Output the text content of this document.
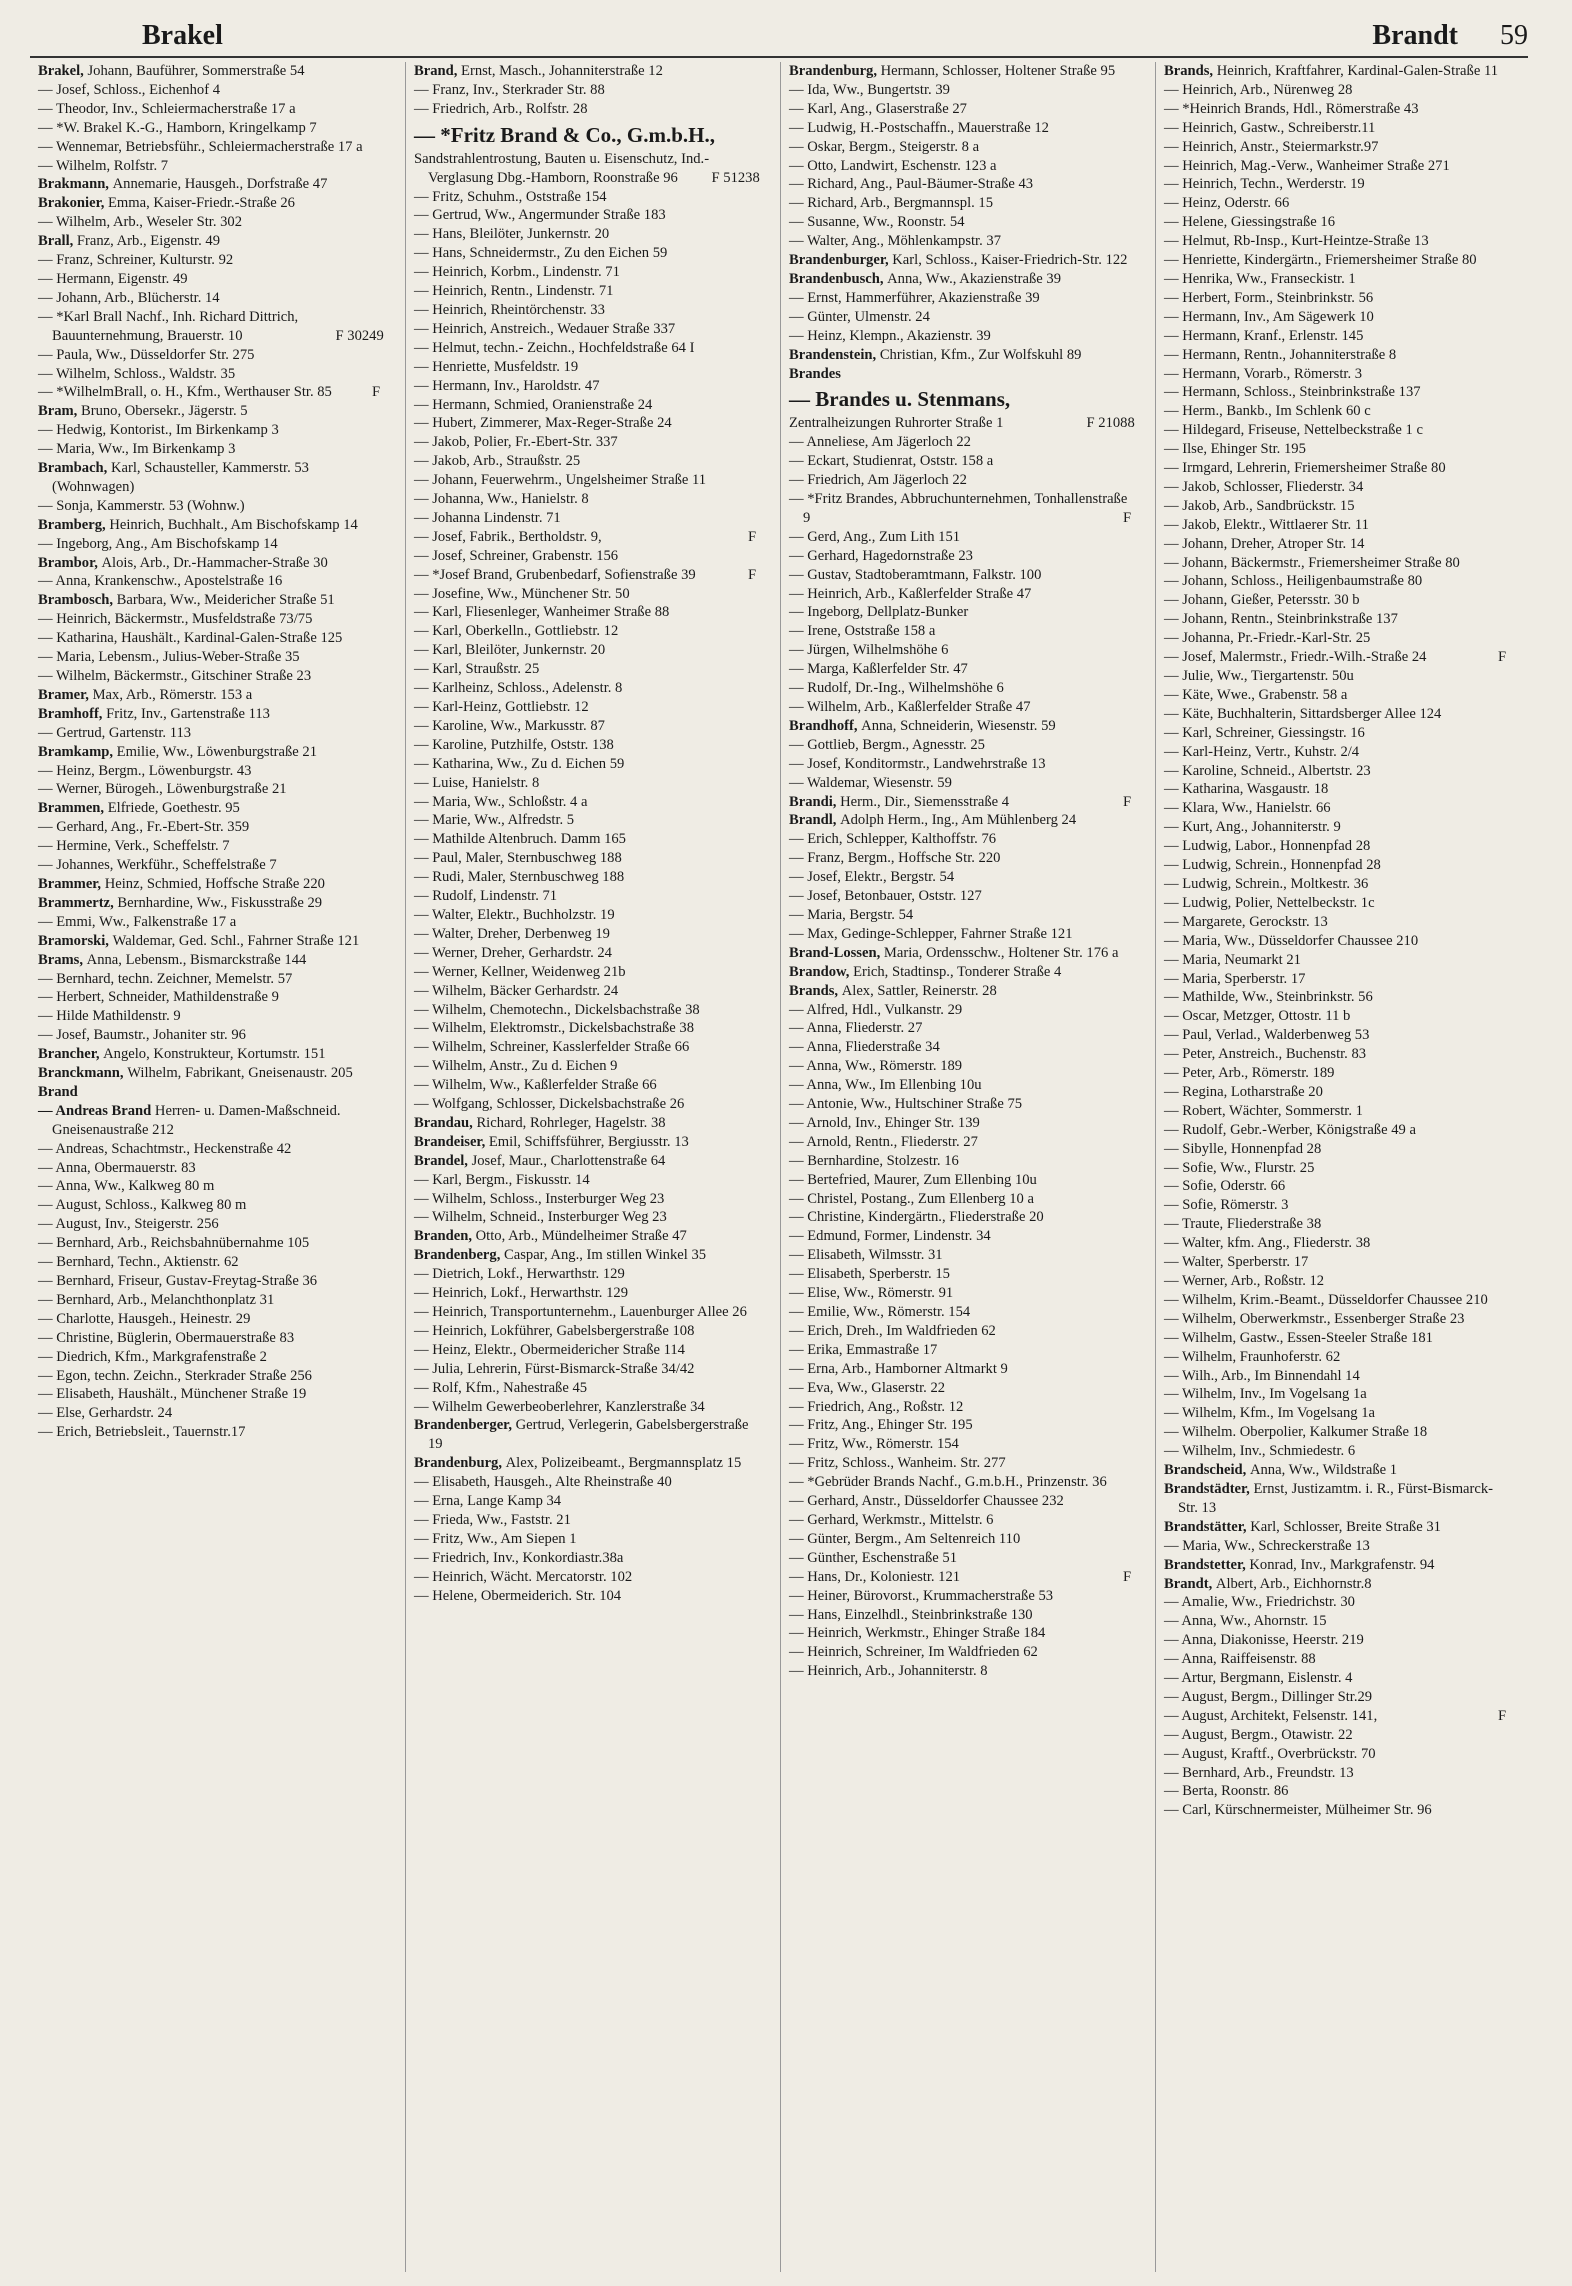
Brakel	Brandt 59

Brakel, Johann, Bauführer, Sommerstraße 54

— Josef, Schloss., Eichenhof 4

— Theodor, Inv., Schleiermacherstraße 17 a

— *W. Brakel K.-G., Hamborn, Kringelkamp 7

— Wennemar, Betriebsführ., Schleiermacherstraße 17 a

— Wilhelm, Rolfstr. 7

Brakmann, Annemarie, Hausgeh., Dorfstraße 47

Brakonier, Emma, Kaiser-Friedr.-Straße 26

— Wilhelm, Arb., Weseler Str. 302

Brall, Franz, Arb., Eigenstr. 49

— Franz, Schreiner, Kulturstr. 92

— Hermann, Eigenstr. 49

— Johann, Arb., Blücherstr. 14

— *Karl Brall Nachf., Inh. Richard Dittrich, Bauunternehmung, Brauerstr. 10	F 30249

— Paula, Ww., Düsseldorfer Str. 275

— Wilhelm, Schloss., Waldstr. 35

— *WilhelmBrall, o. H., Kfm., Werthauser Str. 85	F

Bram, Bruno, Obersekr., Jägerstr. 5

— Hedwig, Kontorist., Im Birkenkamp 3

— Maria, Ww., Im Birkenkamp 3

Brambach, Karl, Schausteller, Kammerstr. 53 (Wohnwagen)

— Sonja, Kammerstr. 53 (Wohnw.)

Bramberg, Heinrich, Buchhalt., Am Bischofskamp 14

— Ingeborg, Ang., Am Bischofskamp 14

Brambor, Alois, Arb., Dr.-Hammacher-Straße 30

— Anna, Krankenschw., Apostelstraße 16

Brambosch, Barbara, Ww., Meidericher Straße 51

— Heinrich, Bäckermstr., Musfeldstraße 73/75

— Katharina, Haushält., Kardinal-Galen-Straße 125

— Maria, Lebensm., Julius-Weber-Straße 35

— Wilhelm, Bäckermstr., Gitschiner Straße 23

Bramer, Max, Arb., Römerstr. 153 a

Bramhoff, Fritz, Inv., Gartenstraße 113

— Gertrud, Gartenstr. 113

Bramkamp, Emilie, Ww., Löwenburgstraße 21

— Heinz, Bergm., Löwenburgstr. 43

— Werner, Bürogeh., Löwenburgstraße 21

Brammen, Elfriede, Goethestr. 95

— Gerhard, Ang., Fr.-Ebert-Str. 359

— Hermine, Verk., Scheffelstr. 7

— Johannes, Werkführ., Scheffelstraße 7

Brammer, Heinz, Schmied, Hoffsche Straße 220

Brammertz, Bernhardine, Ww., Fiskusstraße 29

— Emmi, Ww., Falkenstraße 17 a

Bramorski, Waldemar, Ged. Schl., Fahrner Straße 121

Brams, Anna, Lebensm., Bismarckstraße 144

— Bernhard, techn. Zeichner, Memelstr. 57

— Herbert, Schneider, Mathildenstraße 9

— Hilde Mathildenstr. 9

— Josef, Baumstr., Johaniter str. 96

Brancher, Angelo, Konstrukteur, Kortumstr. 151

Branckmann, Wilhelm, Fabrikant, Gneisenaustr. 205

Brand

— Andreas Brand Herren- u. Damen-Maßschneid. Gneisenaustraße 212

— Andreas, Schachtmstr., Heckenstraße 42

— Anna, Obermauerstr. 83

— Anna, Ww., Kalkweg 80 m

— August, Schloss., Kalkweg 80 m

— August, Inv., Steigerstr. 256

— Bernhard, Arb., Reichsbahnübernahme 105

— Bernhard, Techn., Aktienstr. 62

— Bernhard, Friseur, Gustav-Freytag-Straße 36

— Bernhard, Arb., Melanchthonplatz 31

— Charlotte, Hausgeh., Heinestr. 29

— Christine, Büglerin, Obermauerstraße 83

— Diedrich, Kfm., Markgrafenstraße 2

— Egon, techn. Zeichn., Sterkrader Straße 256

— Elisabeth, Haushält., Münchener Straße 19

— Else, Gerhardstr. 24

— Erich, Betriebsleit., Tauernstr.17

Brand, Ernst, Masch., Johanniterstraße 12

— Franz, Inv., Sterkrader Str. 88

— Friedrich, Arb., Rolfstr. 28

— *Fritz Brand & Co., G.m.b.H.,

Sandstrahlentrostung, Bauten u. Eisenschutz, Ind.-Verglasung Dbg.-Hamborn, Roonstraße 96 F 51238

— Fritz, Schuhm., Oststraße 154

— Gertrud, Ww., Angermunder Straße 183

— Hans, Bleilöter, Junkernstr. 20

— Hans, Schneidermstr., Zu den Eichen 59

— Heinrich, Korbm., Lindenstr. 71

— Heinrich, Rentn., Lindenstr. 71

— Heinrich, Rheintörchenstr. 33

— Heinrich, Anstreich., Wedauer Straße 337

— Helmut, techn.- Zeichn., Hochfeldstraße 64 I

— Henriette, Musfeldstr. 19

— Hermann, Inv., Haroldstr. 47

— Hermann, Schmied, Oranienstraße 24

— Hubert, Zimmerer, Max-Reger-Straße 24

— Jakob, Polier, Fr.-Ebert-Str. 337

— Jakob, Arb., Straußstr. 25

— Johann, Feuerwehrm., Ungelsheimer Straße 11

— Johanna, Ww., Hanielstr. 8

— Johanna Lindenstr. 71

— Josef, Fabrik., Bertholdstr. 9,	F

— Josef, Schreiner, Grabenstr. 156

— *Josef Brand, Grubenbedarf, Sofienstraße 39	F

— Josefine, Ww., Münchener Str. 50

— Karl, Fliesenleger, Wanheimer Straße 88

— Karl, Oberkelln., Gottliebstr. 12

— Karl, Bleilöter, Junkernstr. 20

— Karl, Straußstr. 25

— Karlheinz, Schloss., Adelenstr. 8

— Karl-Heinz, Gottliebstr. 12

— Karoline, Ww., Markusstr. 87

— Karoline, Putzhilfe, Oststr. 138

— Katharina, Ww., Zu d. Eichen 59

— Luise, Hanielstr. 8

— Maria, Ww., Schloßstr. 4 a

— Marie, Ww., Alfredstr. 5

— Mathilde Altenbruch. Damm 165

— Paul, Maler, Sternbuschweg 188

— Rudi, Maler, Sternbuschweg 188

— Rudolf, Lindenstr. 71

— Walter, Elektr., Buchholzstr. 19

— Walter, Dreher, Derbenweg 19

— Werner, Dreher, Gerhardstr. 24

— Werner, Kellner, Weidenweg 21b

— Wilhelm, Bäcker Gerhardstr. 24

— Wilhelm, Chemotechn., Dickelsbachstraße 38

— Wilhelm, Elektromstr., Dickelsbachstraße 38

— Wilhelm, Schreiner, Kasslerfelder Straße 66

— Wilhelm, Anstr., Zu d. Eichen 9

— Wilhelm, Ww., Kaßlerfelder Straße 66

— Wolfgang, Schlosser, Dickelsbachstraße 26

Brandau, Richard, Rohrleger, Hagelstr. 38

Brandeiser, Emil, Schiffsführer, Bergiusstr. 13

Brandel, Josef, Maur., Charlottenstraße 64

— Karl, Bergm., Fiskusstr. 14

— Wilhelm, Schloss., Insterburger Weg 23

— Wilhelm, Schneid., Insterburger Weg 23

Branden, Otto, Arb., Mündelheimer Straße 47

Brandenberg, Caspar, Ang., Im stillen Winkel 35

— Dietrich, Lokf., Herwarthstr. 129

— Heinrich, Lokf., Herwarthstr. 129

— Heinrich, Transportunternehm., Lauenburger Allee 26

— Heinrich, Lokführer, Gabelsbergerstraße 108

— Heinz, Elektr., Obermeidericher Straße 114

— Julia, Lehrerin, Fürst-Bismarck-Straße 34/42

— Rolf, Kfm., Nahestraße 45

— Wilhelm Gewerbeoberlehrer, Kanzlerstraße 34

Brandenberger, Gertrud, Verlegerin, Gabelsbergerstraße 19

Brandenburg, Alex, Polizeibeamt., Bergmannsplatz 15

— Elisabeth, Hausgeh., Alte Rheinstraße 40

— Erna, Lange Kamp 34

— Frieda, Ww., Faststr. 21

— Fritz, Ww., Am Siepen 1

— Friedrich, Inv., Konkordiastr.38a

— Heinrich, Wächt. Mercatorstr. 102

— Helene, Obermeiderich. Str. 104

Brandenburg, Hermann, Schlosser, Holtener Straße 95

— Ida, Ww., Bungertstr. 39

— Karl, Ang., Glaserstraße 27

— Ludwig, H.-Postschaffn., Mauerstraße 12

— Oskar, Bergm., Steigerstr. 8 a

— Otto, Landwirt, Eschenstr. 123 a

— Richard, Ang., Paul-Bäumer-Straße 43

— Richard, Arb., Bergmannspl. 15

— Susanne, Ww., Roonstr. 54

— Walter, Ang., Möhlenkampstr. 37

Brandenburger, Karl, Schloss., Kaiser-Friedrich-Str. 122

Brandenbusch, Anna, Ww., Akazienstraße 39

— Ernst, Hammerführer, Akazienstraße 39

— Günter, Ulmenstr. 24

— Heinz, Klempn., Akazienstr. 39

Brandenstein, Christian, Kfm., Zur Wolfskuhl 89

Brandes

— Brandes u. Stenmans,

Zentralheizungen Ruhrorter Straße 1	F 21088

— Anneliese, Am Jägerloch 22

— Eckart, Studienrat, Oststr. 158 a

— Friedrich, Am Jägerloch 22

— *Fritz Brandes, Abbruchunternehmen, Tonhallenstraße 9	F

— Gerd, Ang., Zum Lith 151

— Gerhard, Hagedornstraße 23

— Gustav, Stadtoberamtmann, Falkstr. 100

— Heinrich, Arb., Kaßlerfelder Straße 47

— Ingeborg, Dellplatz-Bunker

— Irene, Oststraße 158 a

— Jürgen, Wilhelmshöhe 6

— Marga, Kaßlerfelder Str. 47

— Rudolf, Dr.-Ing., Wilhelmshöhe 6

— Wilhelm, Arb., Kaßlerfelder Straße 47

Brandhoff, Anna, Schneiderin, Wiesenstr. 59

— Gottlieb, Bergm., Agnesstr. 25

— Josef, Konditormstr., Landwehrstraße 13

— Waldemar, Wiesenstr. 59

Brandi, Herm., Dir., Siemensstraße 4	F

Brandl, Adolph Herm., Ing., Am Mühlenberg 24

— Erich, Schlepper, Kalthoffstr. 76

— Franz, Bergm., Hoffsche Str. 220

— Josef, Elektr., Bergstr. 54

— Josef, Betonbauer, Oststr. 127

— Maria, Bergstr. 54

— Max, Gedinge-Schlepper, Fahrner Straße 121

Brand-Lossen, Maria, Ordensschw., Holtener Str. 176 a

Brandow, Erich, Stadtinsp., Tonderer Straße 4

Brands, Alex, Sattler, Reinerstr. 28

— Alfred, Hdl., Vulkanstr. 29

— Anna, Fliederstr. 27

— Anna, Fliederstraße 34

— Anna, Ww., Römerstr. 189

— Anna, Ww., Im Ellenbing 10u

— Antonie, Ww., Hultschiner Straße 75

— Arnold, Inv., Ehinger Str. 139

— Arnold, Rentn., Fliederstr. 27

— Bernhardine, Stolzestr. 16

— Bertefried, Maurer, Zum Ellenbing 10u

— Christel, Postang., Zum Ellenberg 10 a

— Christine, Kindergärtn., Fliederstraße 20

— Edmund, Former, Lindenstr. 34

— Elisabeth, Wilmsstr. 31

— Elisabeth, Sperberstr. 15

— Elise, Ww., Römerstr. 91

— Emilie, Ww., Römerstr. 154

— Erich, Dreh., Im Waldfrieden 62

— Erika, Emmastraße 17

— Erna, Arb., Hamborner Altmarkt 9

— Eva, Ww., Glaserstr. 22

— Friedrich, Ang., Roßstr. 12

— Fritz, Ang., Ehinger Str. 195

— Fritz, Ww., Römerstr. 154

— Fritz, Schloss., Wanheim. Str. 277

— *Gebrüder Brands Nachf., G.m.b.H., Prinzenstr. 36

— Gerhard, Anstr., Düsseldorfer Chaussee 232

— Gerhard, Werkmstr., Mittelstr. 6

— Günter, Bergm., Am Seltenreich 110

— Günther, Eschenstraße 51

— Hans, Dr., Koloniestr. 121	F

— Heiner, Bürovorst., Krummacherstraße 53

— Hans, Einzelhdl., Steinbrinkstraße 130

— Heinrich, Werkmstr., Ehinger Straße 184

— Heinrich, Schreiner, Im Waldfrieden 62

— Heinrich, Arb., Johanniterstr. 8

Brands, Heinrich, Kraftfahrer, Kardinal-Galen-Straße 11

— Heinrich, Arb., Nürenweg 28

— *Heinrich Brands, Hdl., Römerstraße 43

— Heinrich, Gastw., Schreiberstr.11

— Heinrich, Anstr., Steiermarkstr.97

— Heinrich, Mag.-Verw., Wanheimer Straße 271

— Heinrich, Techn., Werderstr. 19

— Heinz, Oderstr. 66

— Helene, Giessingstraße 16

— Helmut, Rb-Insp., Kurt-Heintze-Straße 13

— Henriette, Kindergärtn., Friemersheimer Straße 80

— Henrika, Ww., Franseckistr. 1

— Herbert, Form., Steinbrinkstr. 56

— Hermann, Inv., Am Sägewerk 10

— Hermann, Kranf., Erlenstr. 145

— Hermann, Rentn., Johanniterstraße 8

— Hermann, Vorarb., Römerstr. 3

— Hermann, Schloss., Steinbrinkstraße 137

— Herm., Bankb., Im Schlenk 60 c

— Hildegard, Friseuse, Nettelbeckstraße 1 c

— Ilse, Ehinger Str. 195

— Irmgard, Lehrerin, Friemersheimer Straße 80

— Jakob, Schlosser, Fliederstr. 34

— Jakob, Arb., Sandbrückstr. 15

— Jakob, Elektr., Wittlaerer Str. 11

— Johann, Dreher, Atroper Str. 14

— Johann, Bäckermstr., Friemersheimer Straße 80

— Johann, Schloss., Heiligenbaumstraße 80

— Johann, Gießer, Petersstr. 30 b

— Johann, Rentn., Steinbrinkstraße 137

— Johanna, Pr.-Friedr.-Karl-Str. 25

— Josef, Malermstr., Friedr.-Wilh.-Straße 24	F

— Julie, Ww., Tiergartenstr. 50u

— Käte, Wwe., Grabenstr. 58 a

— Käte, Buchhalterin, Sittardsberger Allee 124

— Karl, Schreiner, Giessingstr. 16

— Karl-Heinz, Vertr., Kuhstr. 2/4

— Karoline, Schneid., Albertstr. 23

— Katharina, Wasgaustr. 18

— Klara, Ww., Hanielstr. 66

— Kurt, Ang., Johanniterstr. 9

— Ludwig, Labor., Honnenpfad 28

— Ludwig, Schrein., Honnenpfad 28

— Ludwig, Schrein., Moltkestr. 36

— Ludwig, Polier, Nettelbeckstr. 1c

— Margarete, Gerockstr. 13

— Maria, Ww., Düsseldorfer Chaussee 210

— Maria, Neumarkt 21

— Maria, Sperberstr. 17

— Mathilde, Ww., Steinbrinkstr. 56

— Oscar, Metzger, Ottostr. 11 b

— Paul, Verlad., Walderbenweg 53

— Peter, Anstreich., Buchenstr. 83

— Peter, Arb., Römerstr. 189

— Regina, Lotharstraße 20

— Robert, Wächter, Sommerstr. 1

— Rudolf, Gebr.-Werber, Königstraße 49 a

— Sibylle, Honnenpfad 28

— Sofie, Ww., Flurstr. 25

— Sofie, Oderstr. 66

— Sofie, Römerstr. 3

— Traute, Fliederstraße 38

— Walter, kfm. Ang., Fliederstr. 38

— Walter, Sperberstr. 17

— Werner, Arb., Roßstr. 12

— Wilhelm, Krim.-Beamt., Düsseldorfer Chaussee 210

— Wilhelm, Oberwerkmstr., Essenberger Straße 23

— Wilhelm, Gastw., Essen-Steeler Straße 181

— Wilhelm, Fraunhoferstr. 62

— Wilh., Arb., Im Binnendahl 14

— Wilhelm, Inv., Im Vogelsang 1a

— Wilhelm, Kfm., Im Vogelsang 1a

— Wilhelm. Oberpolier, Kalkumer Straße 18

— Wilhelm, Inv., Schmiedestr. 6

Brandscheid, Anna, Ww., Wildstraße 1

Brandstädter, Ernst, Justizamtm. i. R., Fürst-Bismarck-Str. 13

Brandstätter, Karl, Schlosser, Breite Straße 31

— Maria, Ww., Schreckerstraße 13

Brandstetter, Konrad, Inv., Markgrafenstr. 94

Brandt, Albert, Arb., Eichhornstr.8

— Amalie, Ww., Friedrichstr. 30

— Anna, Ww., Ahornstr. 15

— Anna, Diakonisse, Heerstr. 219

— Anna, Raiffeisenstr. 88

— Artur, Bergmann, Eislenstr. 4

— August, Bergm., Dillinger Str.29

— August, Architekt, Felsenstr. 141,	F

— August, Bergm., Otawistr. 22

— August, Kraftf., Overbrückstr. 70

— Bernhard, Arb., Freundstr. 13

— Berta, Roonstr. 86

— Carl, Kürschnermeister, Mülheimer Str. 96
